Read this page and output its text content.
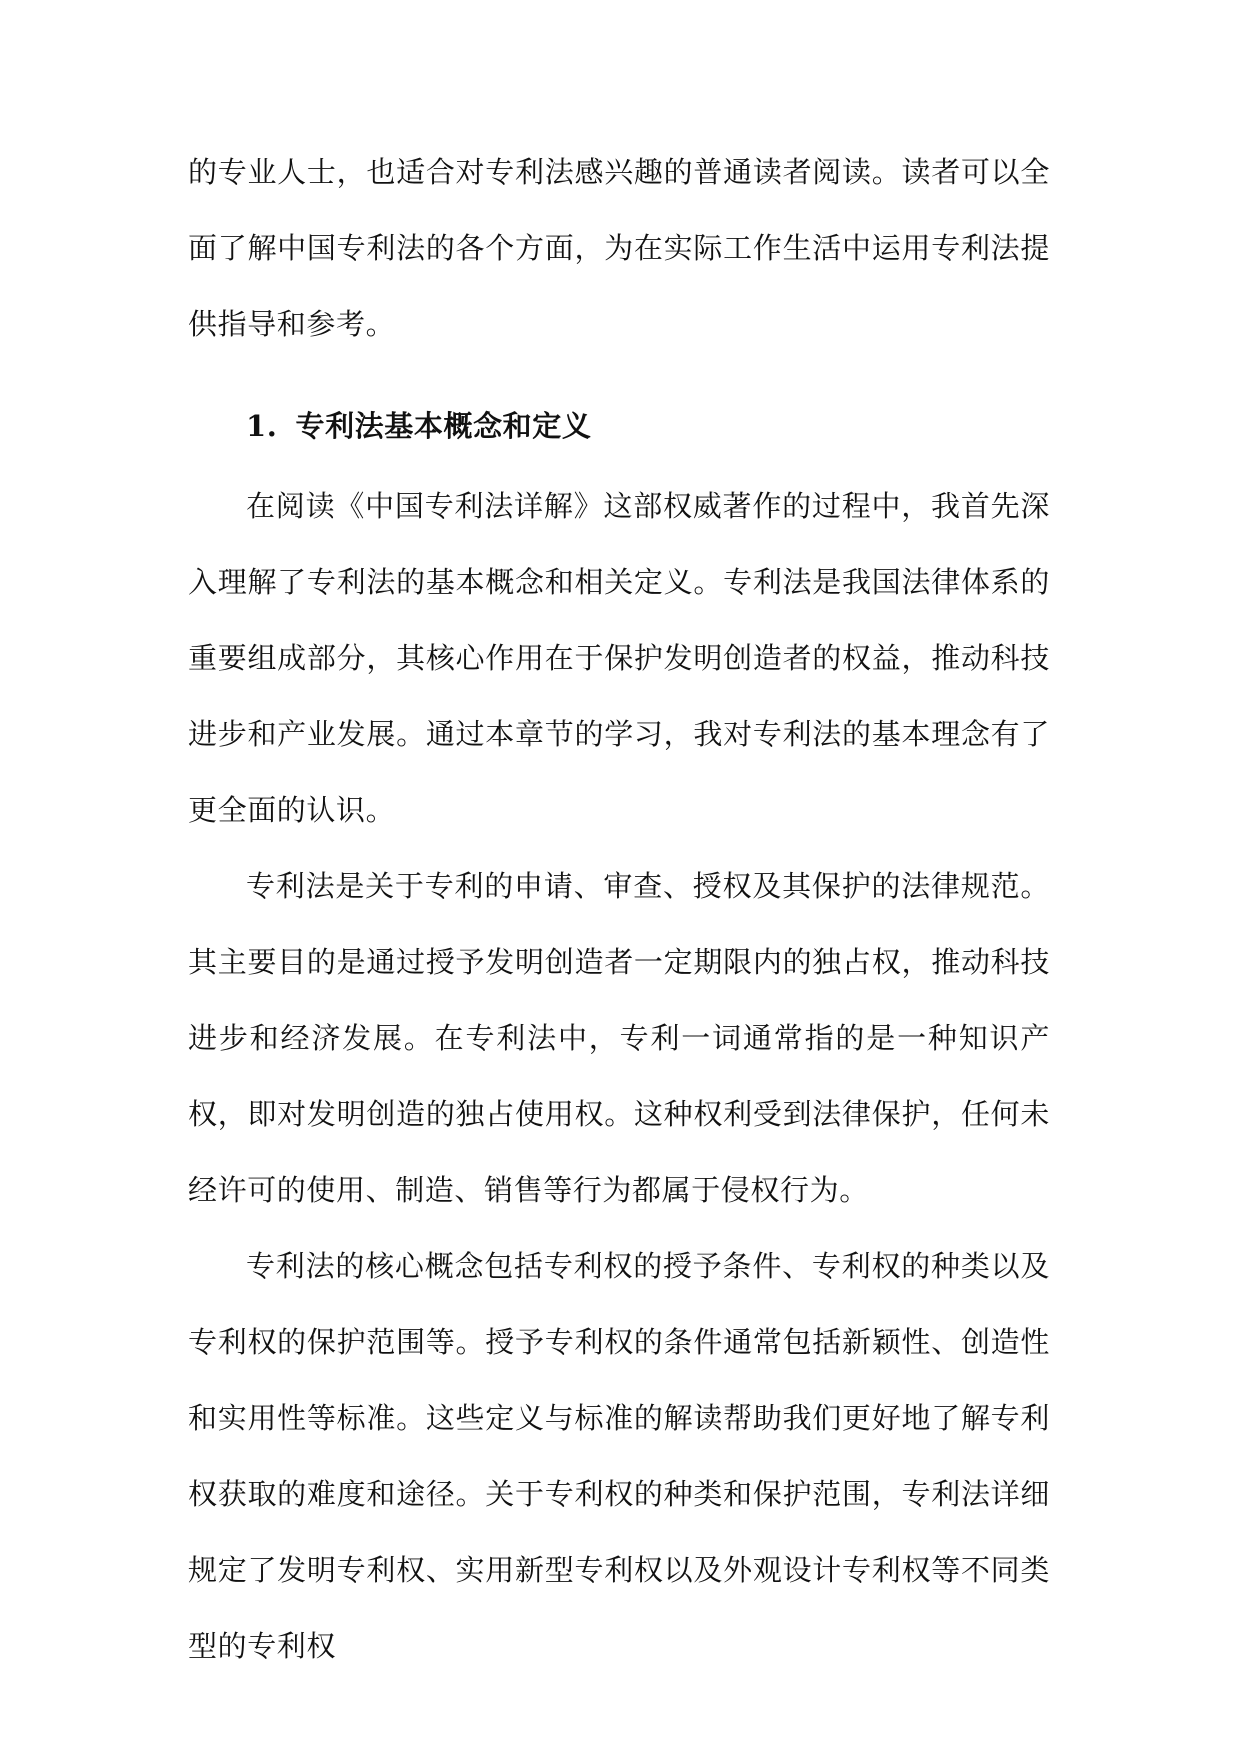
的专业人士，也适合对专利法感兴趣的普通读者阅读。读者可以全面了解中国专利法的各个方面，为在实际工作生活中运用专利法提供指导和参考。

1. 专利法基本概念和定义

在阅读《中国专利法详解》这部权威著作的过程中，我首先深入理解了专利法的基本概念和相关定义。专利法是我国法律体系的重要组成部分，其核心作用在于保护发明创造者的权益，推动科技进步和产业发展。通过本章节的学习，我对专利法的基本理念有了更全面的认识。

专利法是关于专利的申请、审查、授权及其保护的法律规范。其主要目的是通过授予发明创造者一定期限内的独占权，推动科技进步和经济发展。在专利法中，专利一词通常指的是一种知识产权，即对发明创造的独占使用权。这种权利受到法律保护，任何未经许可的使用、制造、销售等行为都属于侵权行为。

专利法的核心概念包括专利权的授予条件、专利权的种类以及专利权的保护范围等。授予专利权的条件通常包括新颖性、创造性和实用性等标准。这些定义与标准的解读帮助我们更好地了解专利权获取的难度和途径。关于专利权的种类和保护范围，专利法详细规定了发明专利权、实用新型专利权以及外观设计专利权等不同类型的专利权
